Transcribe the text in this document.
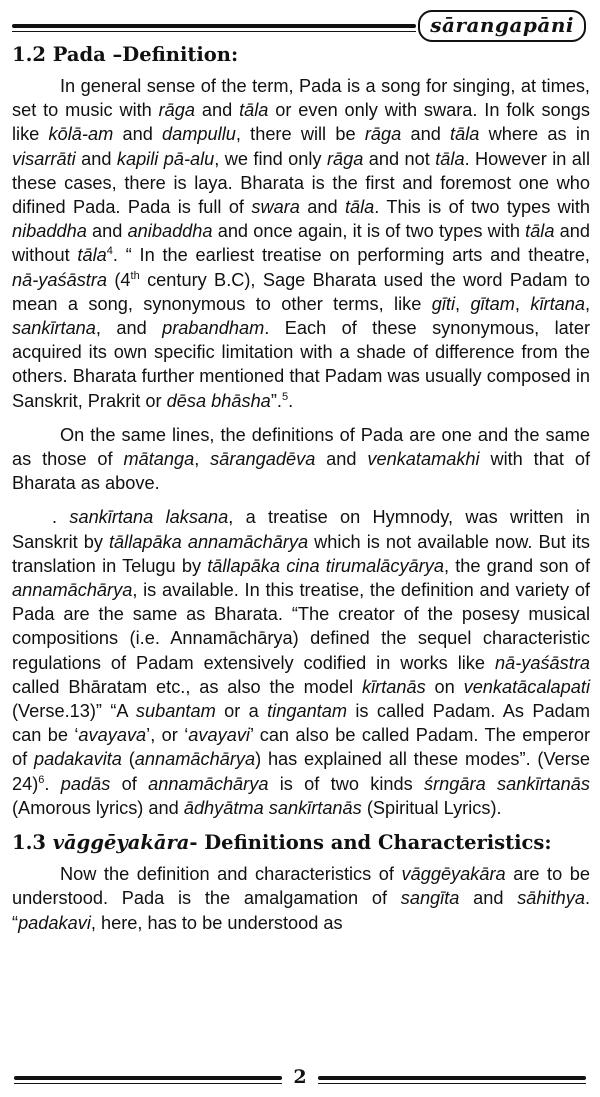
sārangapāni
1.2 Pada –Definition:

In general sense of the term, Pada is a song for singing, at times, set to music with rāga and tāla or even only with swara. In folk songs like kōlā-am and dampullu, there will be rāga and tāla where as in visarrāti and kapili pā-alu, we find only rāga and not tāla. However in all these cases, there is laya. Bharata is the first and foremost one who difined Pada. Pada is full of swara and tāla. This is of two types with nibaddha and anibaddha and once again, it is of two types with tāla and without tāla$^4$. “ In the earliest treatise on performing arts and theatre, nā-yaśāstra (4th century B.C), Sage Bharata used the word Padam to mean a song, synonymous to other terms, like gīti, gītam, kīrtana, sankīrtana, and prabandham. Each of these synonymous, later acquired its own specific limitation with a shade of difference from the others. Bharata further mentioned that Padam was usually composed in Sanskrit, Prakrit or dēsa bhāsha”.$^5$.

On the same lines, the definitions of Pada are one and the same as those of mātanga, sārangadēva and venkatamakhi with that of Bharata as above.

. sankīrtana laksana, a treatise on Hymnody, was written in Sanskrit by tāllapāka annamāchārya which is not available now. But its translation in Telugu by tāllapāka cina tirumalācyārya, the grand son of annamāchārya, is available. In this treatise, the definition and variety of Pada are the same as Bharata. “The creator of the posesy musical compositions (i.e. Annamāchārya) defined the sequel characteristic regulations of Padam extensively codified in works like nā-yaśāstra called Bhāratam etc., as also the model kīrtanās on venkatācalapati (Verse.13)” “A subantam or a tingantam is called Padam. As Padam can be ‘avayava’, or ‘avayavi’ can also be called Padam. The emperor of padakavita (annamāchārya) has explained all these modes”. (Verse 24)$^6$. padās of annamāchārya is of two kinds śrngāra sankīrtanās (Amorous lyrics) and ādhyātma sankīrtanās (Spiritual Lyrics).

1.3 vāggēyakāra- Definitions and Characteristics:

Now the definition and characteristics of vāggēyakāra are to be understood. Pada is the amalgamation of sangīta and sāhithya. “padakavi, here, has to be understood as

2
